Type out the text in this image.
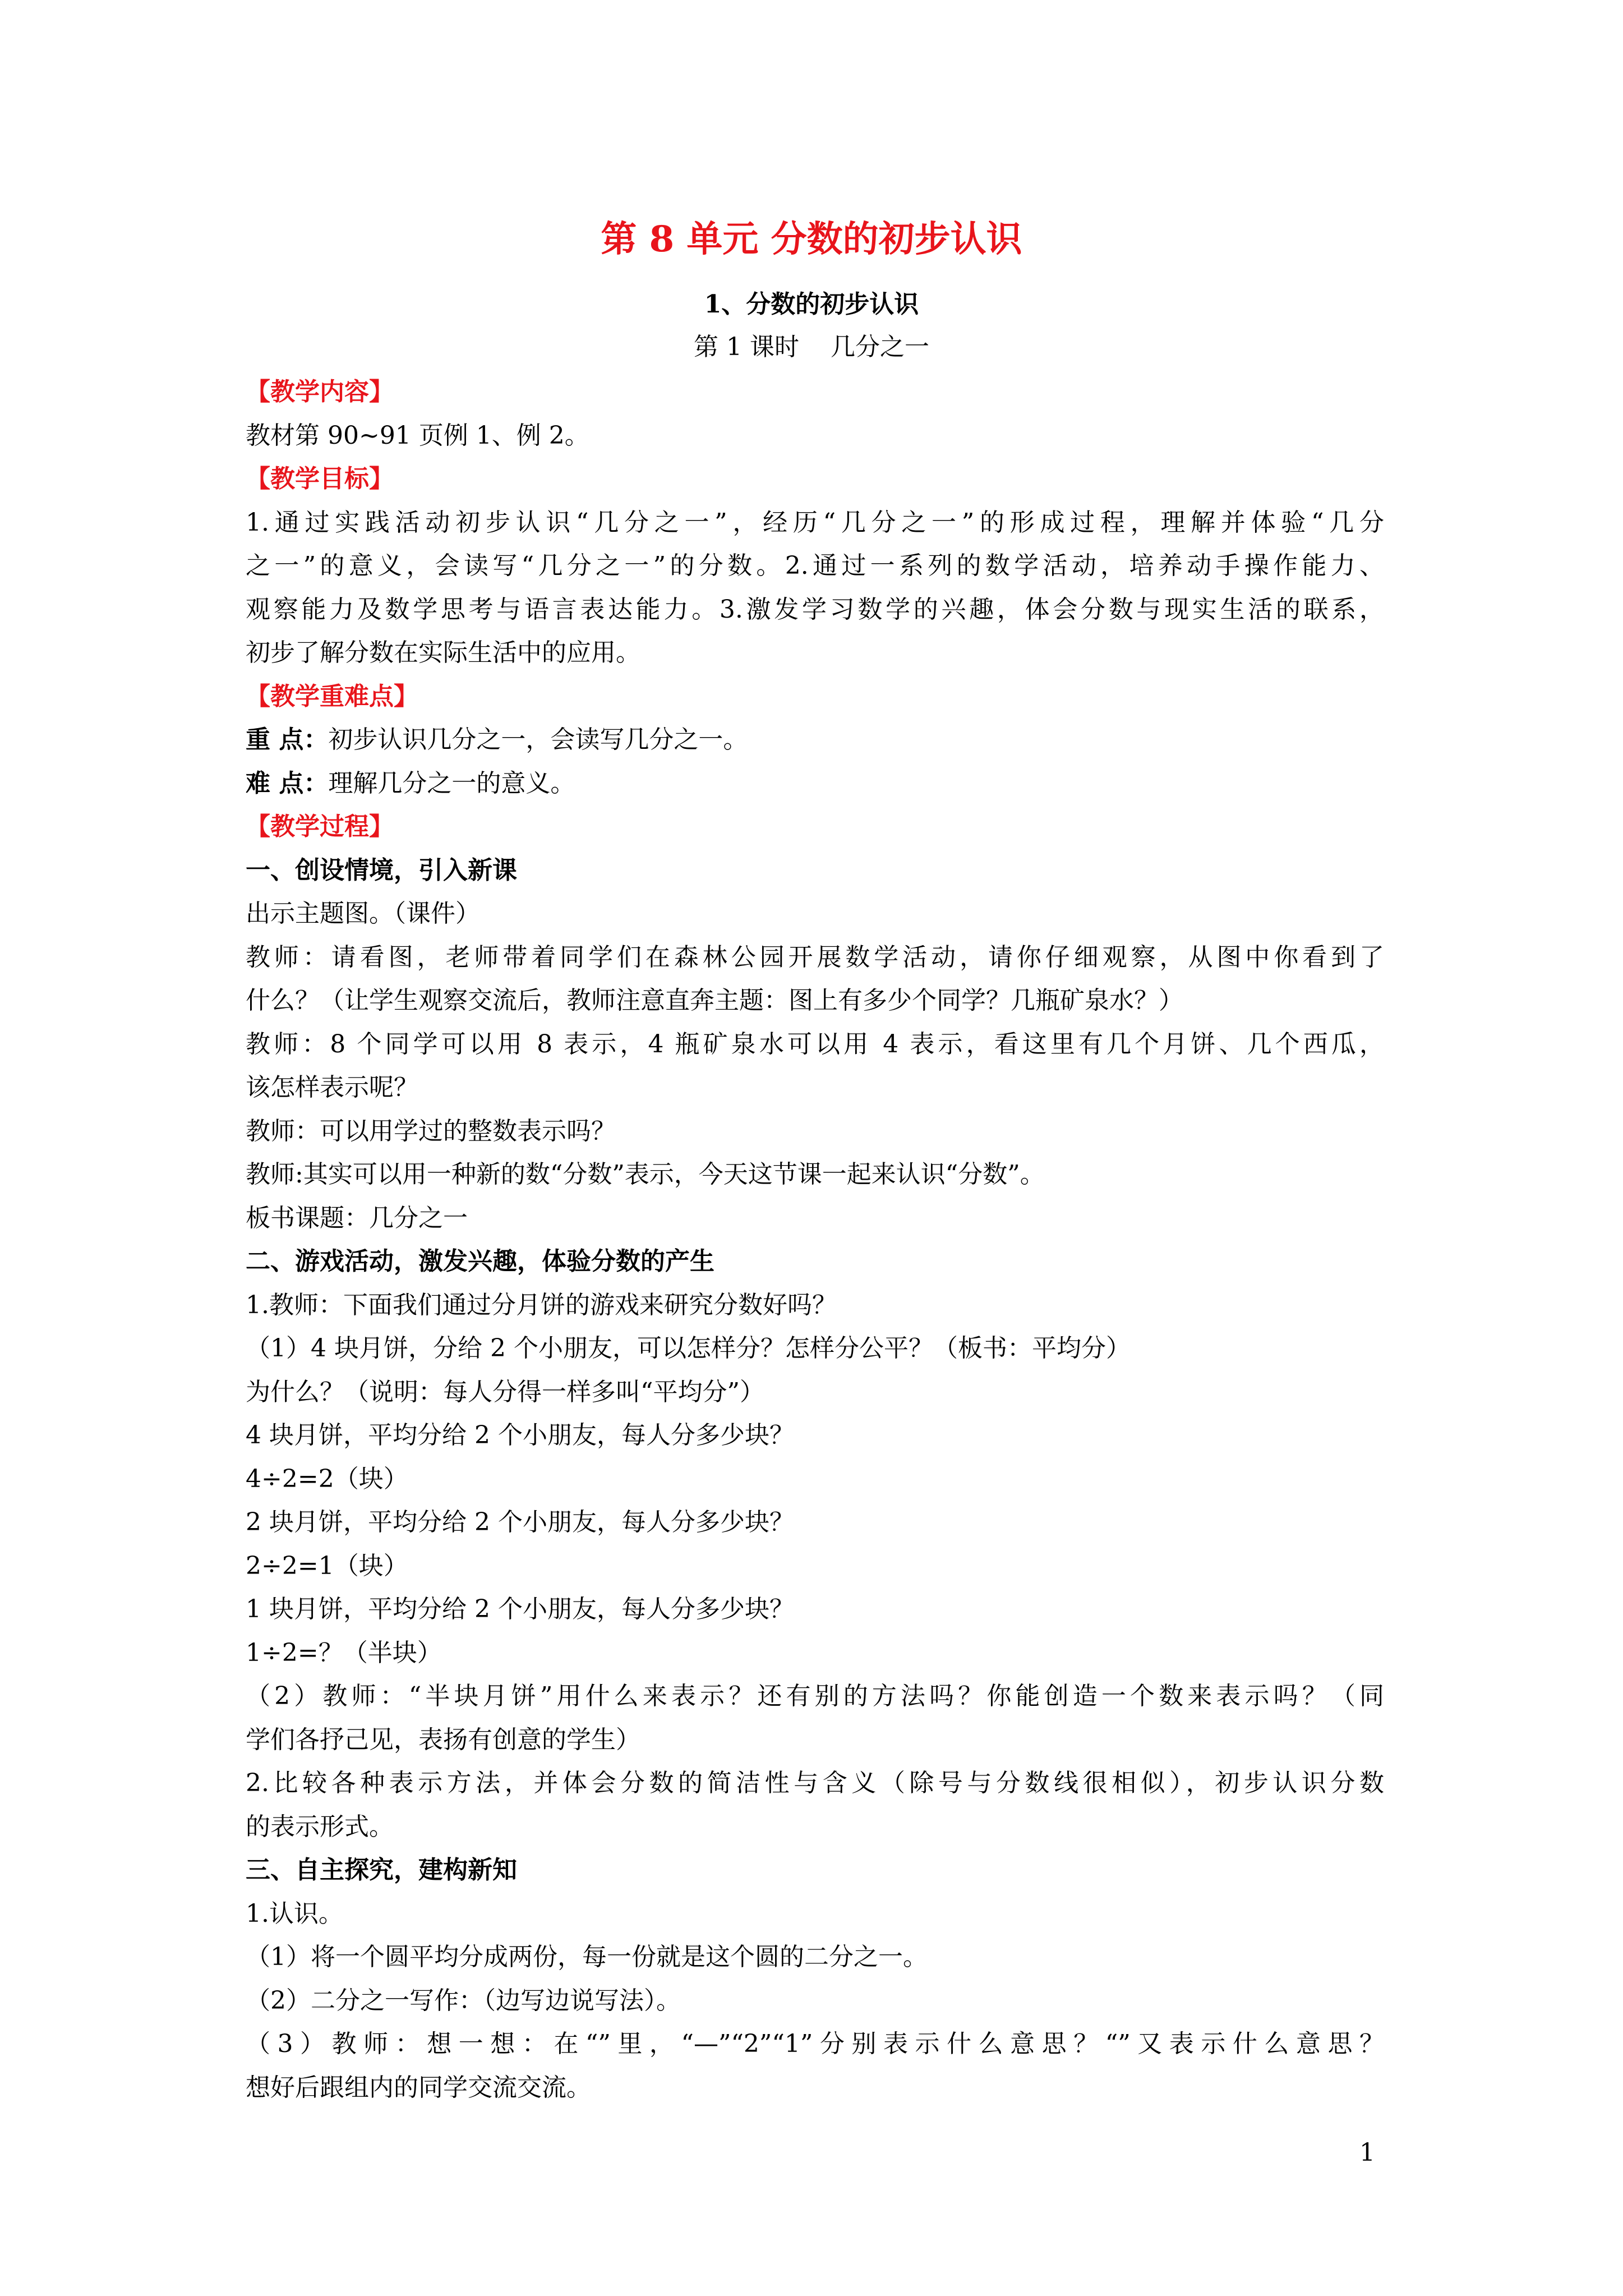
第 8 单元 分数的初步认识
1、分数的初步认识
第 1 课时    几分之一
【教学内容】
教材第 90~91 页例 1、例 2。
【教学目标】
1.通过实践活动初步认识“几分之一”，经历“几分之一”的形成过程，理解并体验“几分
之一”的意义，会读写“几分之一”的分数。2.通过一系列的数学活动，培养动手操作能力、
观察能力及数学思考与语言表达能力。3.激发学习数学的兴趣，体会分数与现实生活的联系，
初步了解分数在实际生活中的应用。
【教学重难点】
重 点：初步认识几分之一，会读写几分之一。
难 点：理解几分之一的意义。
【教学过程】
一、创设情境，引入新课
出示主题图。（课件）
教师：请看图，老师带着同学们在森林公园开展数学活动，请你仔细观察，从图中你看到了
什么？（让学生观察交流后，教师注意直奔主题：图上有多少个同学？几瓶矿泉水？）
教师：8 个同学可以用 8 表示，4 瓶矿泉水可以用 4 表示，看这里有几个月饼、几个西瓜，
该怎样表示呢？
教师：可以用学过的整数表示吗？
教师:其实可以用一种新的数“分数”表示，今天这节课一起来认识“分数”。
板书课题：几分之一
二、游戏活动，激发兴趣，体验分数的产生
1.教师：下面我们通过分月饼的游戏来研究分数好吗？
（1）4 块月饼，分给 2 个小朋友，可以怎样分？怎样分公平？（板书：平均分）
为什么？（说明：每人分得一样多叫“平均分”）
4 块月饼，平均分给 2 个小朋友，每人分多少块？
4÷2=2（块）
2 块月饼，平均分给 2 个小朋友，每人分多少块？
2÷2=1（块）
1 块月饼，平均分给 2 个小朋友，每人分多少块？
1÷2=？（半块）
（2）教师：“半块月饼”用什么来表示？还有别的方法吗？你能创造一个数来表示吗？（同
学们各抒己见，表扬有创意的学生）
2.比较各种表示方法，并体会分数的简洁性与含义（除号与分数线很相似），初步认识分数
的表示形式。
三、自主探究，建构新知
1.认识。
（1）将一个圆平均分成两份，每一份就是这个圆的二分之一。
（2）二分之一写作：（边写边说写法）。
（3）教师：想一想：在“”里，“—”“2”“1”分别表示什么意思？“”又表示什么意思？
想好后跟组内的同学交流交流。
1
